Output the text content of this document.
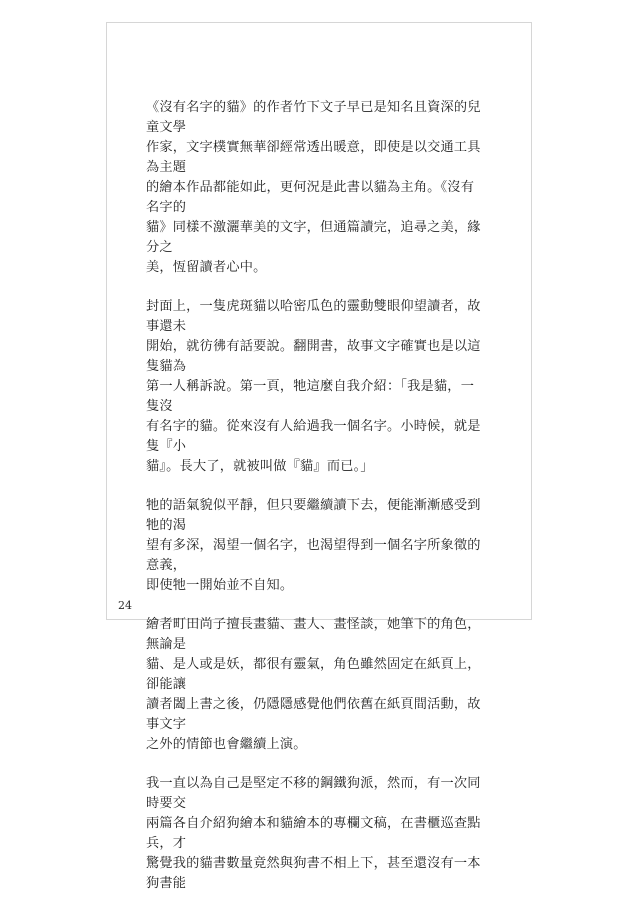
《沒有名字的貓》的作者竹下文子早已是知名且資深的兒童文學
作家，文字樸實無華卻經常透出暖意，即使是以交通工具為主題
的繪本作品都能如此，更何況是此書以貓為主角。《沒有名字的
貓》同樣不激灑華美的文字，但通篇讀完，追尋之美，緣分之
美，恆留讀者心中。

封面上，一隻虎斑貓以哈密瓜色的靈動雙眼仰望讀者，故事還未
開始，就彷彿有話要說。翻開書，故事文字確實也是以這隻貓為
第一人稱訴說。第一頁，牠這麼自我介紹：「我是貓，一隻沒
有名字的貓。從來沒有人給過我一個名字。小時候，就是隻『小
貓』。長大了，就被叫做『貓』而已。」

牠的語氣貌似平靜，但只要繼續讀下去，便能漸漸感受到牠的渴
望有多深，渴望一個名字，也渴望得到一個名字所象徵的意義，
即使牠一開始並不自知。

繪者町田尚子擅長畫貓、畫人、畫怪談，她筆下的角色，無論是
貓、是人或是妖，都很有靈氣，角色雖然固定在紙頁上，卻能讓
讀者闔上書之後，仍隱隱感覺他們依舊在紙頁間活動，故事文字
之外的情節也會繼續上演。

我一直以為自己是堅定不移的鋼鐵狗派，然而，有一次同時要交
兩篇各自介紹狗繪本和貓繪本的專欄文稿，在書櫃巡查點兵，才
驚覺我的貓書數量竟然與狗書不相上下，甚至還沒有一本狗書能

24
